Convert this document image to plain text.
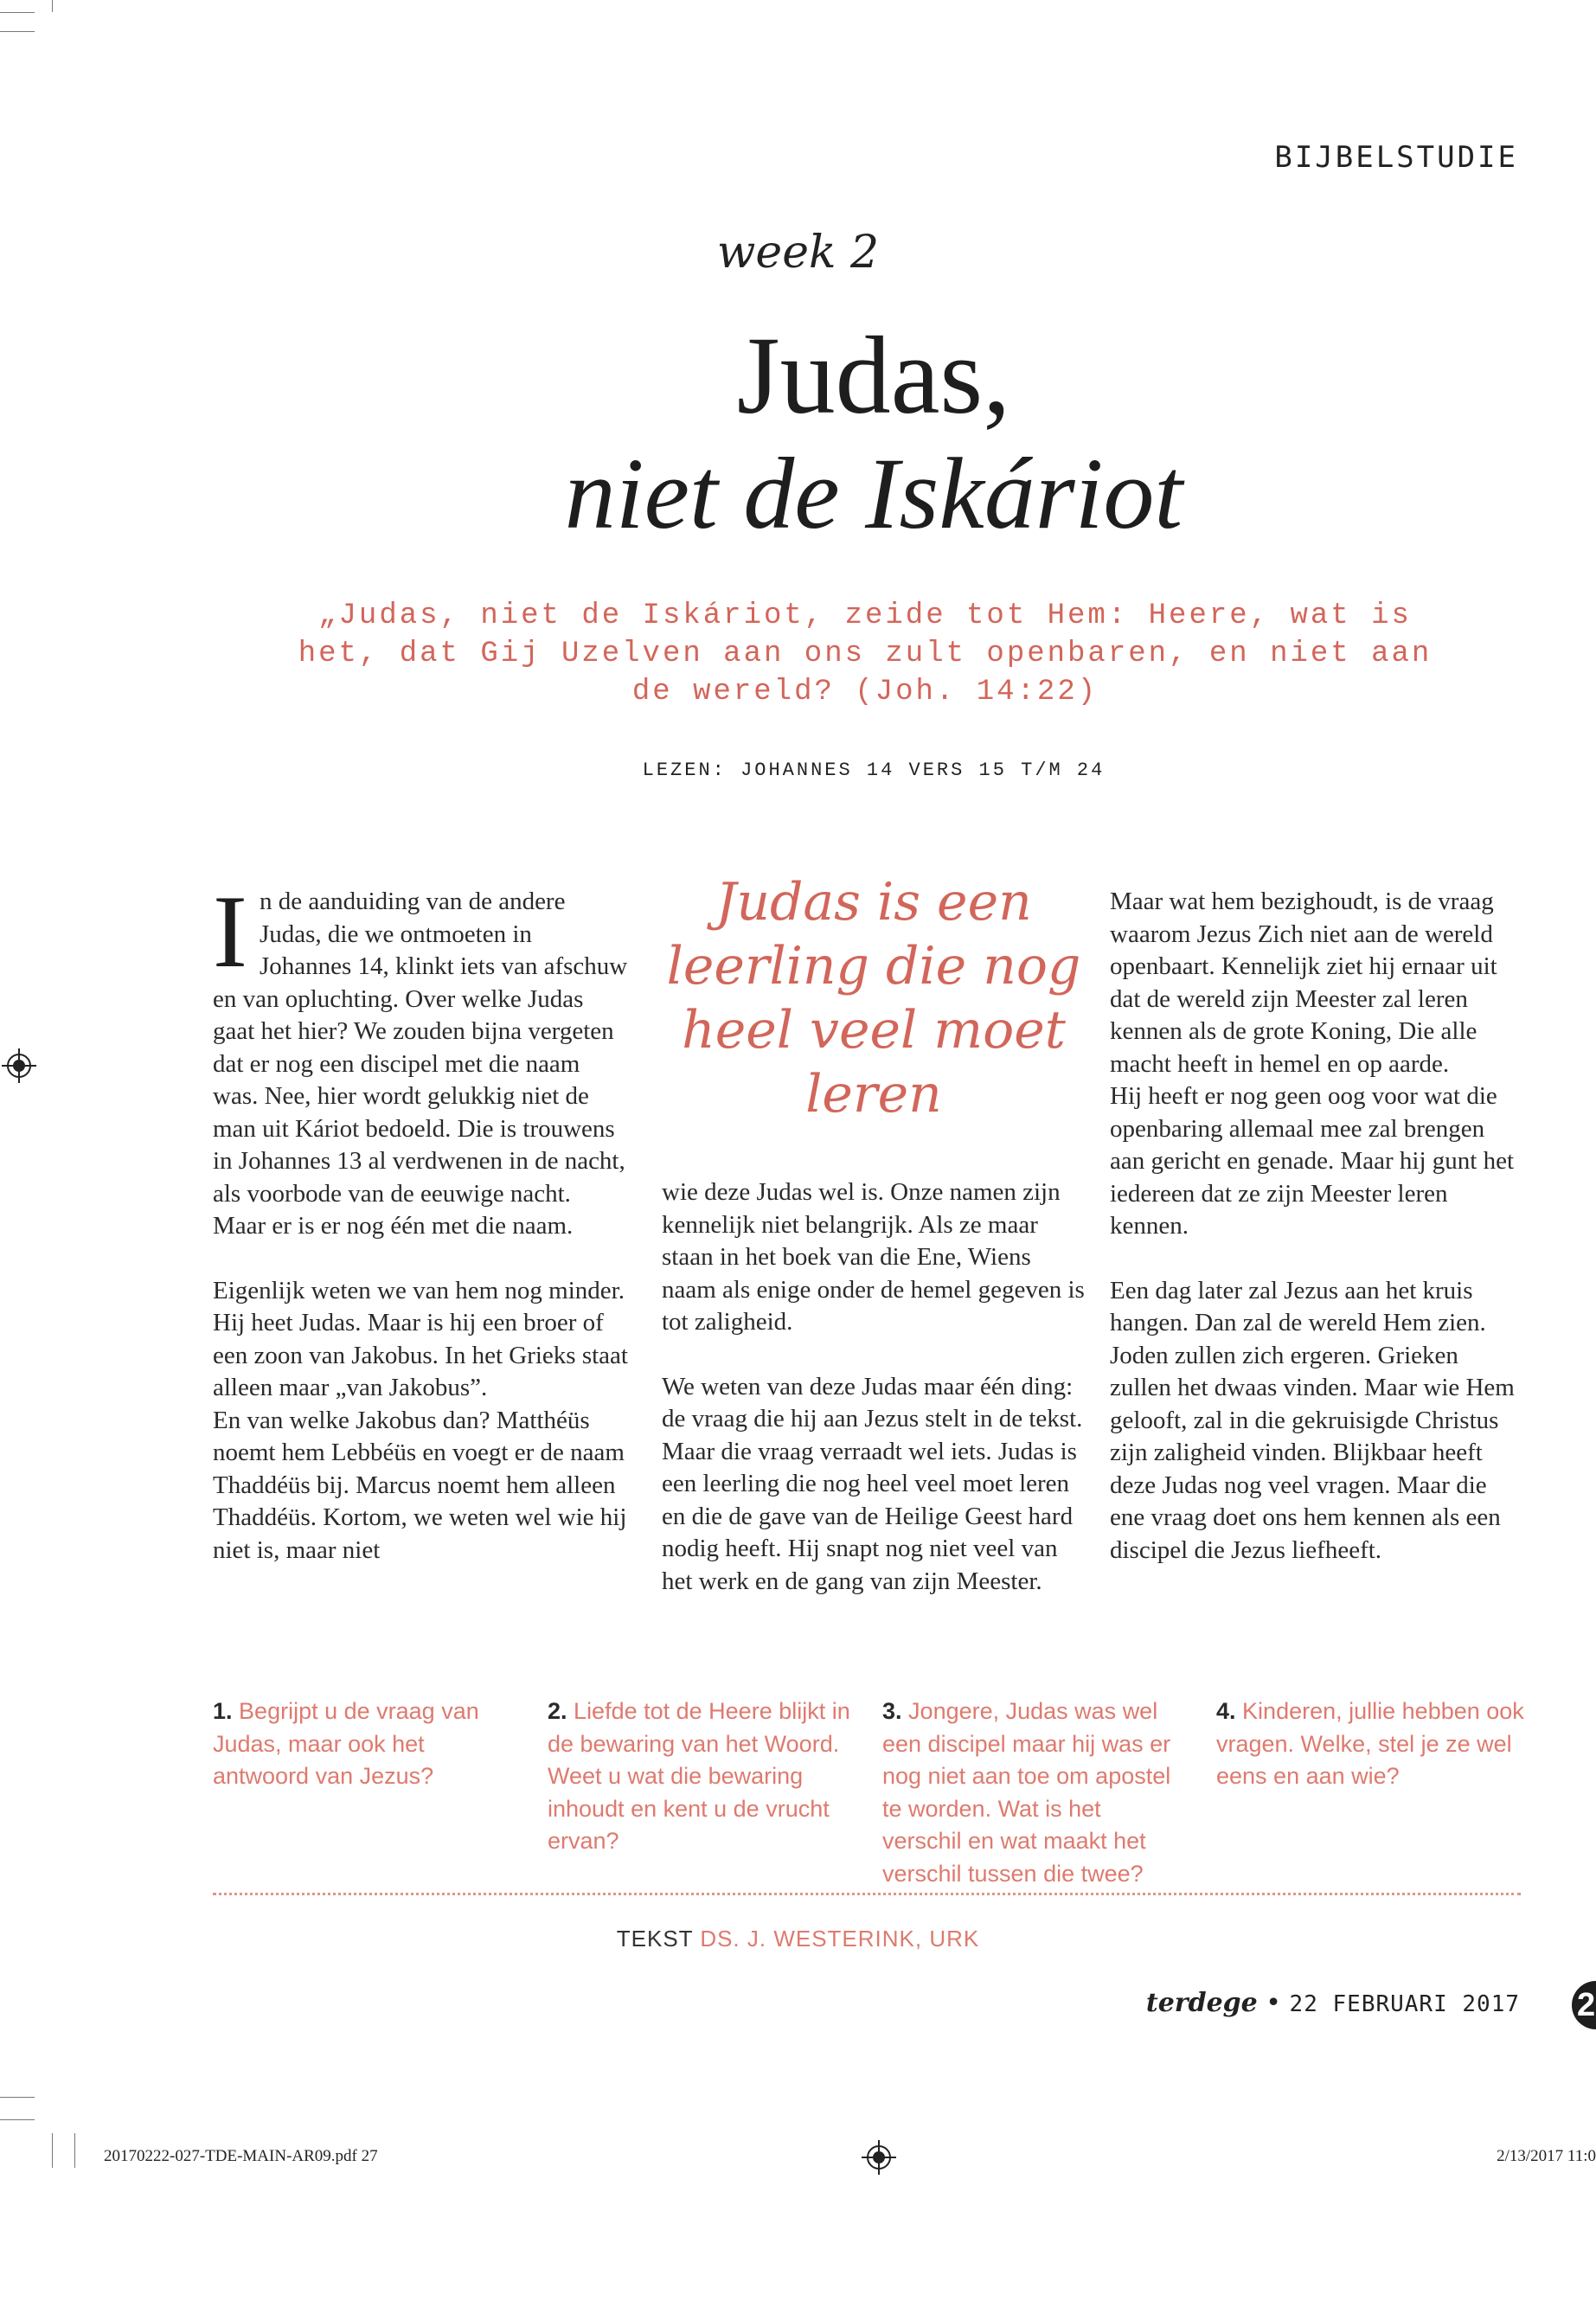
BIJBELSTUDIE
week 2
Judas,
niet de Iskáriot
„Judas, niet de Iskáriot, zeide tot Hem: Heere, wat is het, dat Gij Uzelven aan ons zult openbaren, en niet aan de wereld? (Joh. 14:22)
LEZEN: JOHANNES 14 VERS 15 T/M 24

In de aanduiding van de andere Judas, die we ontmoeten in Johannes 14, klinkt iets van afschuw en van opluchting. Over welke Judas gaat het hier? We zouden bijna vergeten dat er nog een discipel met die naam was. Nee, hier wordt gelukkig niet de man uit Káriot bedoeld. Die is trouwens in Johannes 13 al verdwenen in de nacht, als voorbode van de eeuwige nacht. Maar er is er nog één met die naam.

Eigenlijk weten we van hem nog minder. Hij heet Judas. Maar is hij een broer of een zoon van Jakobus. In het Grieks staat alleen maar „van Jakobus”.

En van welke Jakobus dan? Matthéüs noemt hem Lebbéüs en voegt er de naam Thaddéüs bij. Marcus noemt hem alleen Thaddéüs. Kortom, we weten wel wie hij niet is, maar niet

Judas is een leerling die nog heel veel moet leren

wie deze Judas wel is. Onze namen zijn kennelijk niet belangrijk. Als ze maar staan in het boek van die Ene, Wiens naam als enige onder de hemel gegeven is tot zaligheid.

We weten van deze Judas maar één ding: de vraag die hij aan Jezus stelt in de tekst. Maar die vraag verraadt wel iets. Judas is een leerling die nog heel veel moet leren en die de gave van de Heilige Geest hard nodig heeft. Hij snapt nog niet veel van het werk en de gang van zijn Meester.

Maar wat hem bezighoudt, is de vraag waarom Jezus Zich niet aan de wereld openbaart. Kennelijk ziet hij ernaar uit dat de wereld zijn Meester zal leren kennen als de grote Koning, Die alle macht heeft in hemel en op aarde.

Hij heeft er nog geen oog voor wat die openbaring allemaal mee zal brengen aan gericht en genade. Maar hij gunt het iedereen dat ze zijn Meester leren kennen.

Een dag later zal Jezus aan het kruis hangen. Dan zal de wereld Hem zien. Joden zullen zich ergeren. Grieken zullen het dwaas vinden. Maar wie Hem gelooft, zal in die gekruisigde Christus zijn zaligheid vinden. Blijkbaar heeft deze Judas nog veel vragen. Maar die ene vraag doet ons hem kennen als een discipel die Jezus liefheeft.

1. Begrijpt u de vraag van Judas, maar ook het antwoord van Jezus?

2. Liefde tot de Heere blijkt in de bewaring van het Woord. Weet u wat die bewaring inhoudt en kent u de vrucht ervan?

3. Jongere, Judas was wel een discipel maar hij was er nog niet aan toe om apostel te worden. Wat is het verschil en wat maakt het verschil tussen die twee?

4. Kinderen, jullie hebben ook vragen. Welke, stel je ze wel eens en aan wie?

TEKST DS. J. WESTERINK, URK
terdege • 22 FEBRUARI 2017 2
20170222-027-TDE-MAIN-AR09.pdf 27	2/13/2017 11:0
